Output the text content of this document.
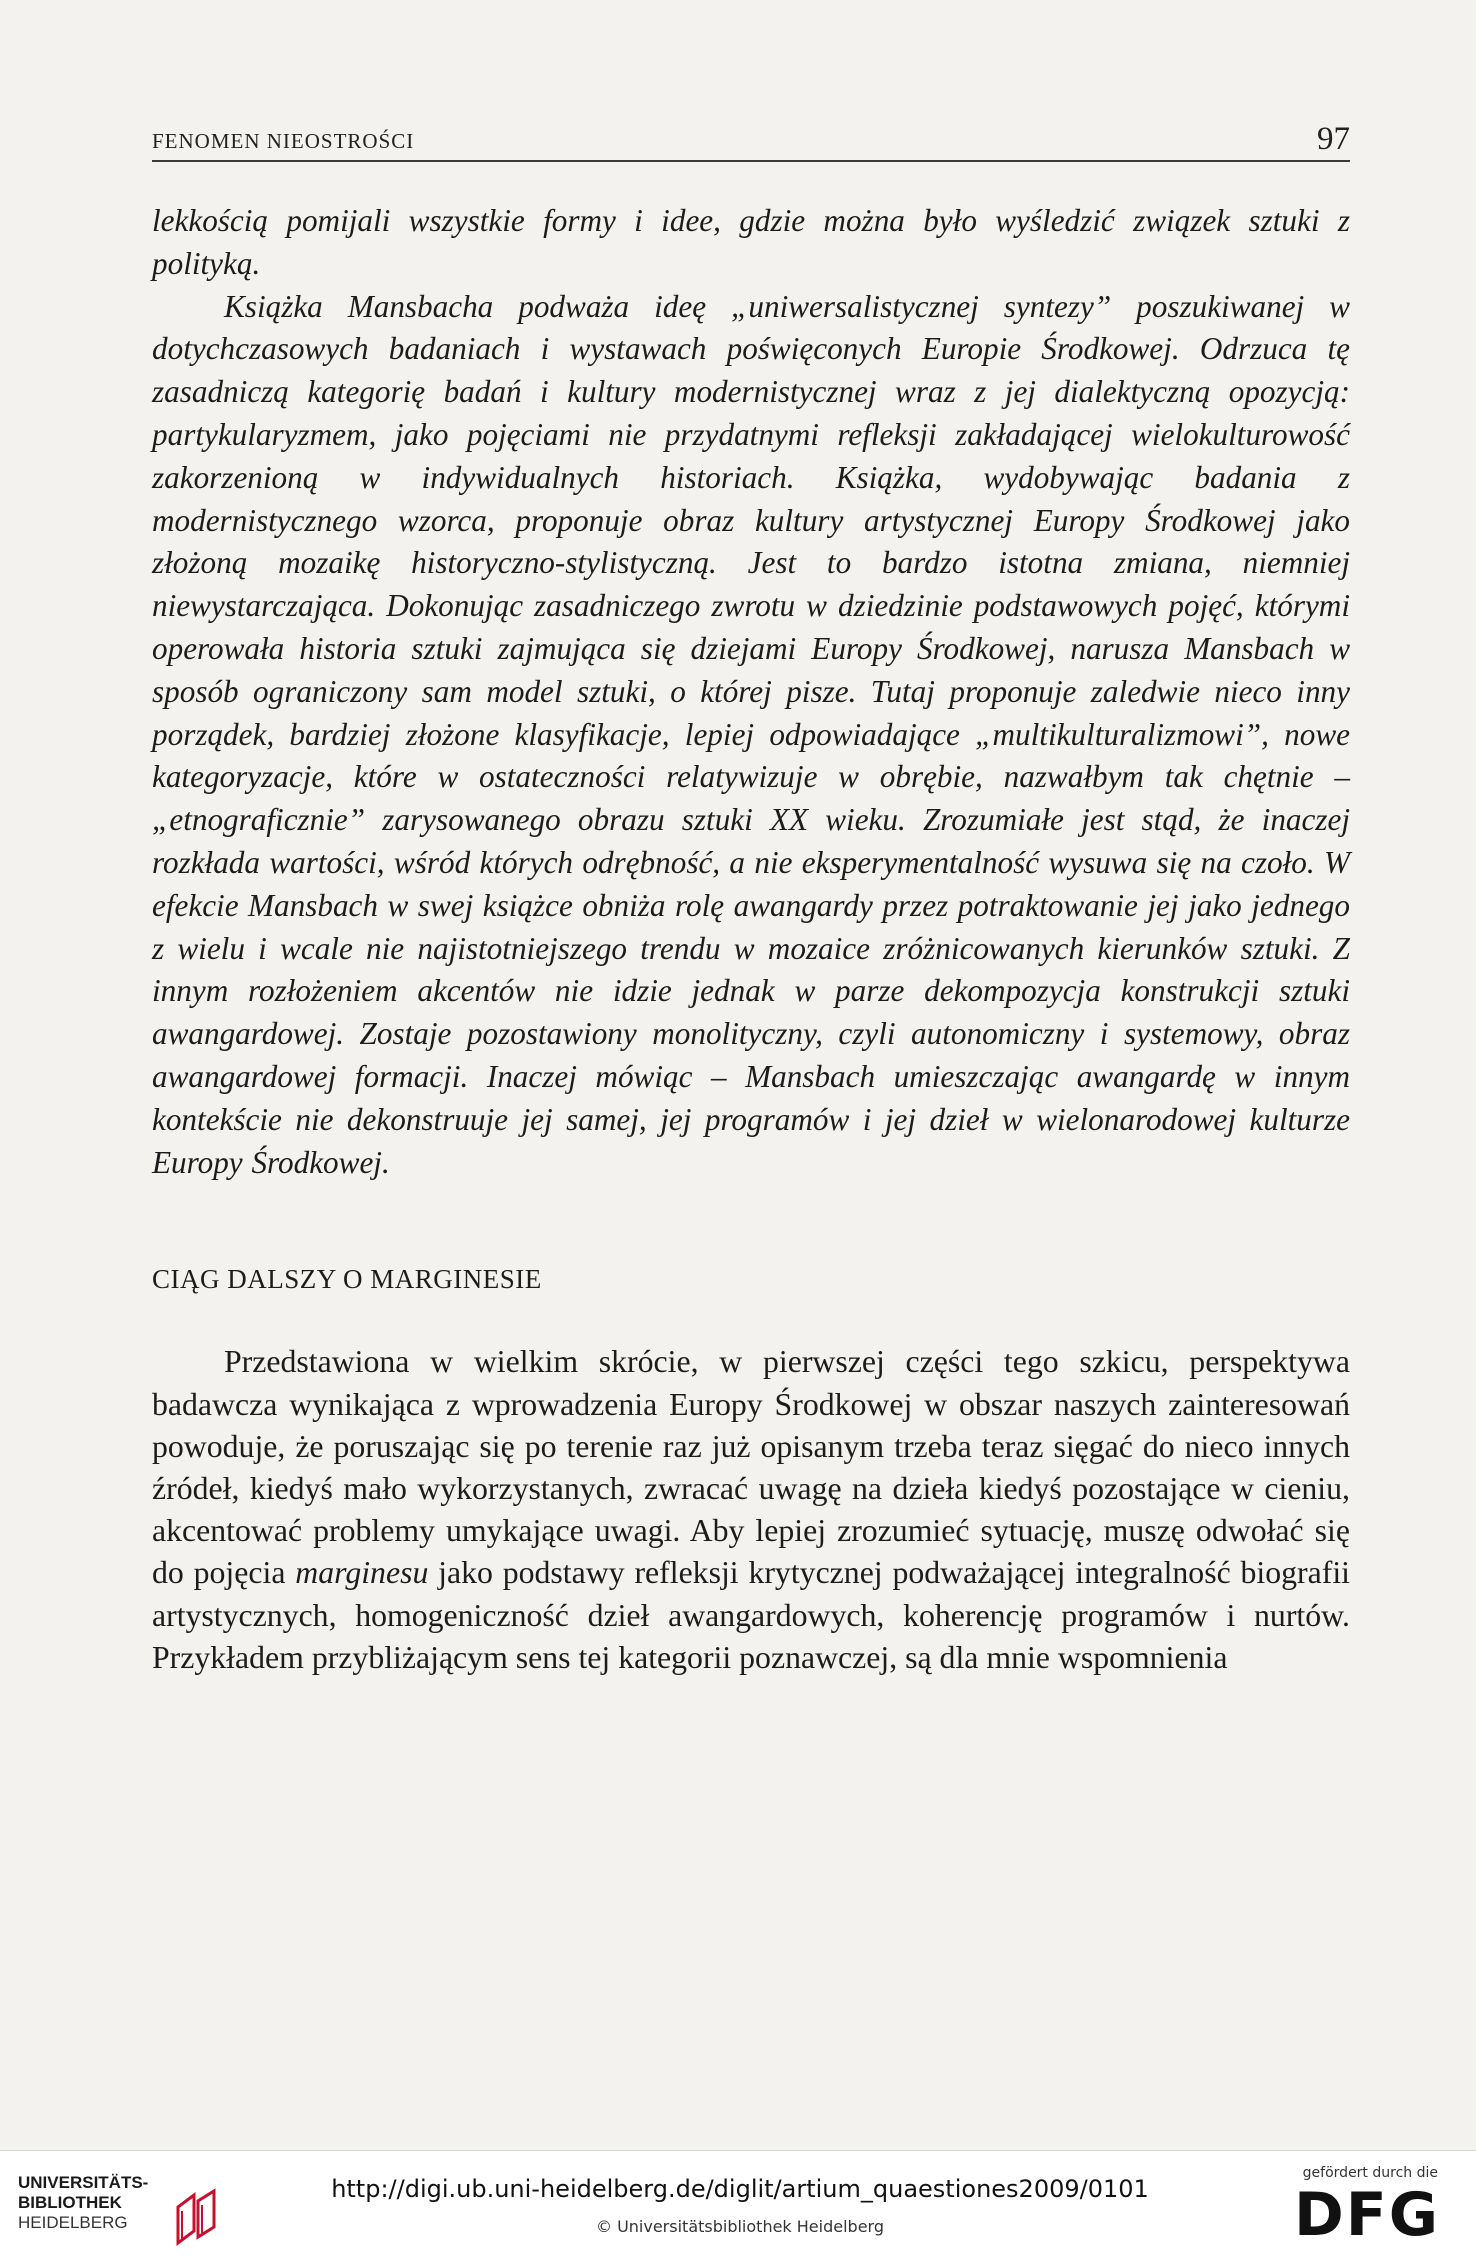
FENOMEN NIEOSTROŚCI	97

lekkością pomijali wszystkie formy i idee, gdzie można było wyśledzić związek sztuki z polityką.

Książka Mansbacha podważa ideę „uniwersalistycznej syntezy” poszukiwanej w dotychczasowych badaniach i wystawach poświęconych Europie Środkowej. Odrzuca tę zasadniczą kategorię badań i kultury modernistycznej wraz z jej dialektyczną opozycją: partykularyzmem, jako pojęciami nie przydatnymi refleksji zakładającej wielokulturowość zakorzenioną w indywidualnych historiach. Książka, wydobywając badania z modernistycznego wzorca, proponuje obraz kultury artystycznej Europy Środkowej jako złożoną mozaikę historyczno-stylistyczną. Jest to bardzo istotna zmiana, niemniej niewystarczająca. Dokonując zasadniczego zwrotu w dziedzinie podstawowych pojęć, którymi operowała historia sztuki zajmująca się dziejami Europy Środkowej, narusza Mansbach w sposób ograniczony sam model sztuki, o której pisze. Tutaj proponuje zaledwie nieco inny porządek, bardziej złożone klasyfikacje, lepiej odpowiadające „multikulturalizmowi”, nowe kategoryzacje, które w ostateczności relatywizuje w obrębie, nazwałbym tak chętnie – „etnograficznie” zarysowanego obrazu sztuki XX wieku. Zrozumiałe jest stąd, że inaczej rozkłada wartości, wśród których odrębność, a nie eksperymentalność wysuwa się na czoło. W efekcie Mansbach w swej książce obniża rolę awangardy przez potraktowanie jej jako jednego z wielu i wcale nie najistotniejszego trendu w mozaice zróżnicowanych kierunków sztuki. Z innym rozłożeniem akcentów nie idzie jednak w parze dekompozycja konstrukcji sztuki awangardowej. Zostaje pozostawiony monolityczny, czyli autonomiczny i systemowy, obraz awangardowej formacji. Inaczej mówiąc – Mansbach umieszczając awangardę w innym kontekście nie dekonstruuje jej samej, jej programów i jej dzieł w wielonarodowej kulturze Europy Środkowej.

CIĄG DALSZY O MARGINESIE

Przedstawiona w wielkim skrócie, w pierwszej części tego szkicu, perspektywa badawcza wynikająca z wprowadzenia Europy Środkowej w obszar naszych zainteresowań powoduje, że poruszając się po terenie raz już opisanym trzeba teraz sięgać do nieco innych źródeł, kiedyś mało wykorzystanych, zwracać uwagę na dzieła kiedyś pozostające w cieniu, akcentować problemy umykające uwagi. Aby lepiej zrozumieć sytuację, muszę odwołać się do pojęcia marginesu jako podstawy refleksji krytycznej podważającej integralność biografii artystycznych, homogeniczność dzieł awangardowych, koherencję programów i nurtów. Przykładem przybliżającym sens tej kategorii poznawczej, są dla mnie wspomnienia

UNIVERSITÄTS-
BIBLIOTHEK
HEIDELBERG
http://digi.ub.uni-heidelberg.de/diglit/artium_quaestiones2009/0101
© Universitätsbibliothek Heidelberg
gefördert durch die
DFG
